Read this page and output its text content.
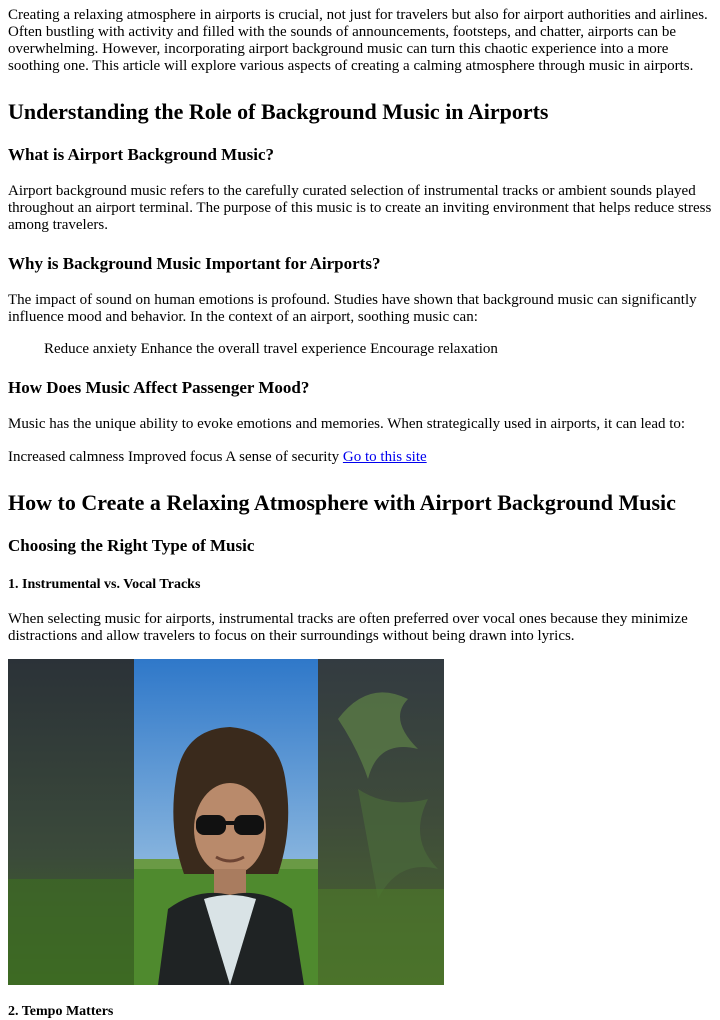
Creating a relaxing atmosphere in airports is crucial, not just for travelers but also for airport authorities and airlines. Often bustling with activity and filled with the sounds of announcements, footsteps, and chatter, airports can be overwhelming. However, incorporating airport background music can turn this chaotic experience into a more soothing one. This article will explore various aspects of creating a calming atmosphere through music in airports.

Understanding the Role of Background Music in Airports
What is Airport Background Music?

Airport background music refers to the carefully curated selection of instrumental tracks or ambient sounds played throughout an airport terminal. The purpose of this music is to create an inviting environment that helps reduce stress among travelers.

Why is Background Music Important for Airports?

The impact of sound on human emotions is profound. Studies have shown that background music can significantly influence mood and behavior. In the context of an airport, soothing music can:

Reduce anxiety Enhance the overall travel experience Encourage relaxation

How Does Music Affect Passenger Mood?

Music has the unique ability to evoke emotions and memories. When strategically used in airports, it can lead to:

Increased calmness Improved focus A sense of security Go to this site

How to Create a Relaxing Atmosphere with Airport Background Music
Choosing the Right Type of Music
1. Instrumental vs. Vocal Tracks

When selecting music for airports, instrumental tracks are often preferred over vocal ones because they minimize distractions and allow travelers to focus on their surroundings without being drawn into lyrics.

2. Tempo Matters
